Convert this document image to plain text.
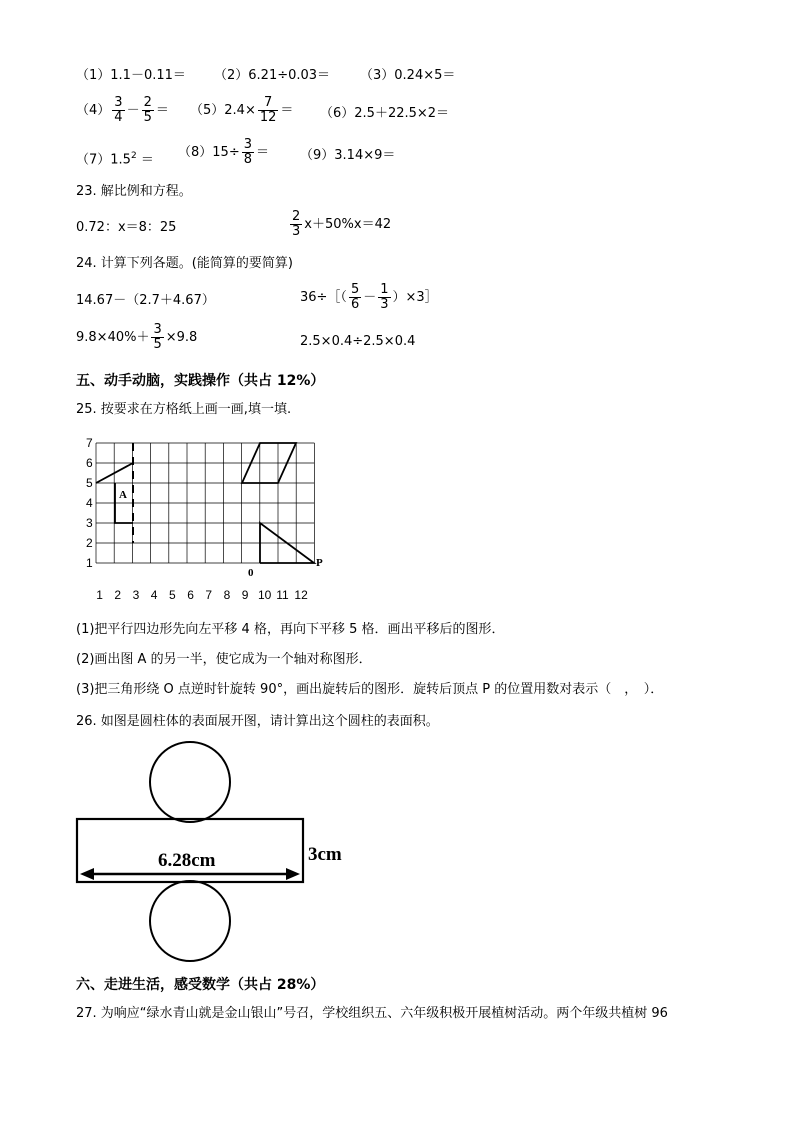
（1）1.1－0.11＝ （2）6.21÷0.03＝ （3）0.24×5＝
$(4) \frac{3}{4} - \frac{2}{5} = (5)2.4\times \frac{7}{12} = (6)2.5+22.5\times 2=$
$(7)1.5^2$ ＝
$(8)15\div \frac{3}{8} = (9)3.14\times 9=$
23. 解比例和方程。
0.72：x＝8：25	$\frac{2}{3} x+50\%x=42$
24. 计算下列各题。(能简算的要简算)
14.67－（2.7＋4.67）	36÷［（ $\frac{5}{6} - \frac{1}{3}$ ）×3］
$9.8\times 40\%+ \frac{3}{5} \times 9.8$	2.5×0.4÷2.5×0.4
五、动手动脑，实践操作（共占 12%）
25. 按要求在方格纸上画一画,填一填.
1
2
3
4
5
6
7
1 2 3 4 5 6 7 8 9 10 11 12
A
0
P
(1)把平行四边形先向左平移 4 格，再向下平移 5 格．画出平移后的图形．
(2)画出图 A 的另一半，使它成为一个轴对称图形．
(3)把三角形绕 O 点逆时针旋转 90°，画出旋转后的图形．旋转后顶点 P 的位置用数对表示（　，　）．
26. 如图是圆柱体的表面展开图，请计算出这个圆柱的表面积。
6.28cm	3cm
六、走进生活，感受数学（共占 28%）
27. 为响应“绿水青山就是金山银山”号召，学校组织五、六年级积极开展植树活动。两个年级共植树 96
